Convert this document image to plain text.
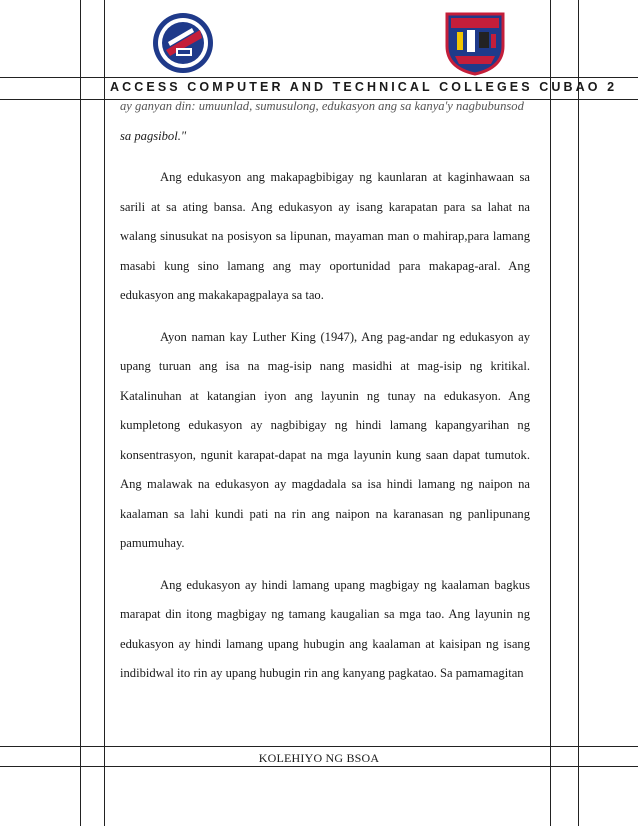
ACCESS COMPUTER AND TECHNICAL COLLEGES CUBAO 2

ay ganyan din: umuunlad, sumusulong, edukasyon ang sa kanya'y nagbubunsod

sa pagsibol."

Ang edukasyon ang makapagbibigay ng kaunlaran at kaginhawaan sa sarili at sa ating bansa. Ang edukasyon ay isang karapatan para sa lahat na walang sinusukat na posisyon sa lipunan, mayaman man o mahirap,para lamang masabi kung sino lamang ang may oportunidad para makapag-aral. Ang edukasyon ang makakapagpalaya sa tao.

Ayon naman kay Luther King (1947), Ang pag-andar ng edukasyon ay upang turuan ang isa na mag-isip nang masidhi at mag-isip ng kritikal. Katalinuhan at katangian iyon ang layunin ng tunay na edukasyon. Ang kumpletong edukasyon ay nagbibigay ng hindi lamang kapangyarihan ng konsentrasyon, ngunit karapat-dapat na mga layunin kung saan dapat tumutok. Ang malawak na edukasyon ay magdadala sa isa hindi lamang ng naipon na kaalaman sa lahi kundi pati na rin ang naipon na karanasan ng panlipunang pamumuhay.

Ang edukasyon ay hindi lamang upang magbigay ng kaalaman bagkus marapat din itong magbigay ng tamang kaugalian sa mga tao. Ang layunin ng edukasyon ay hindi lamang upang hubugin ang kaalaman at kaisipan ng isang indibidwal ito rin ay upang hubugin rin ang kanyang pagkatao. Sa pamamagitan

KOLEHIYO NG BSOA
